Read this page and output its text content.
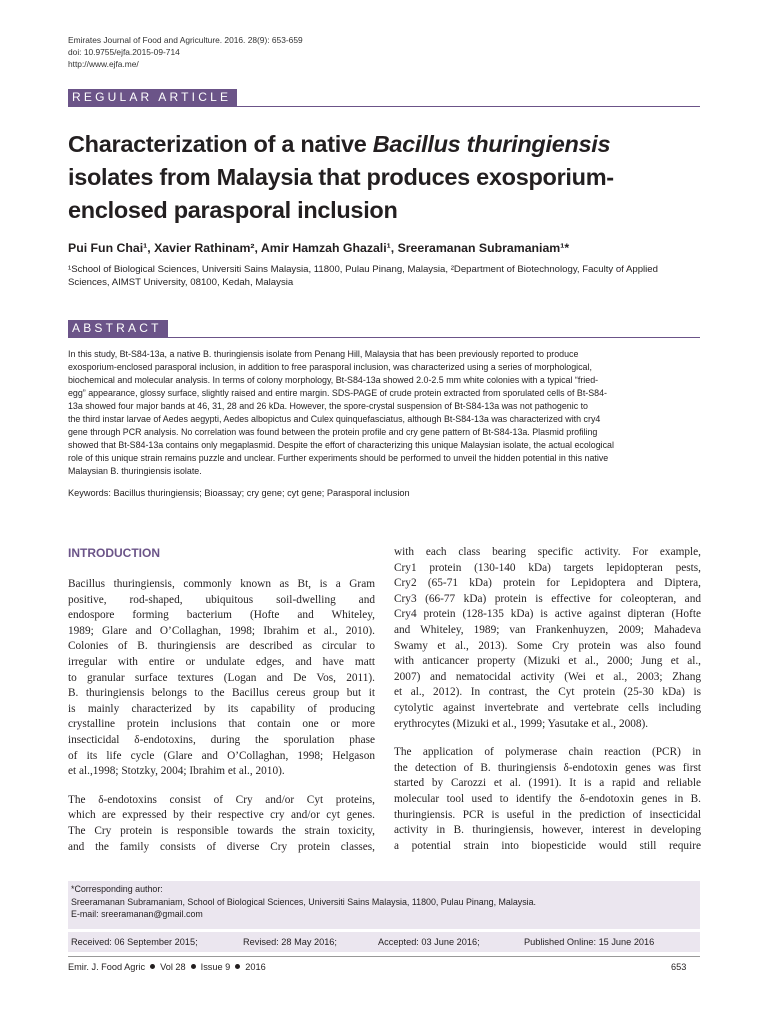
Emirates Journal of Food and Agriculture. 2016. 28(9): 653-659
doi: 10.9755/ejfa.2015-09-714
http://www.ejfa.me/
REGULAR ARTICLE
Characterization of a native Bacillus thuringiensis
isolates from Malaysia that produces exosporium-
enclosed parasporal inclusion
Pui Fun Chai¹, Xavier Rathinam², Amir Hamzah Ghazali¹, Sreeramanan Subramaniam¹*
¹School of Biological Sciences, Universiti Sains Malaysia, 11800, Pulau Pinang, Malaysia, ²Department of Biotechnology, Faculty of Applied
Sciences, AIMST University, 08100, Kedah, Malaysia
ABSTRACT
In this study, Bt-S84-13a, a native B. thuringiensis isolate from Penang Hill, Malaysia that has been previously reported to produce
exosporium-enclosed parasporal inclusion, in addition to free parasporal inclusion, was characterized using a series of morphological,
biochemical and molecular analysis. In terms of colony morphology, Bt-S84-13a showed 2.0-2.5 mm white colonies with a typical “fried-
egg” appearance, glossy surface, slightly raised and entire margin. SDS-PAGE of crude protein extracted from sporulated cells of Bt-S84-
13a showed four major bands at 46, 31, 28 and 26 kDa. However, the spore-crystal suspension of Bt-S84-13a was not pathogenic to
the third instar larvae of Aedes aegypti, Aedes albopictus and Culex quinquefasciatus, although Bt-S84-13a was characterized with cry4
gene through PCR analysis. No correlation was found between the protein profile and cry gene pattern of Bt-S84-13a. Plasmid profiling
showed that Bt-S84-13a contains only megaplasmid. Despite the effort of characterizing this unique Malaysian isolate, the actual ecological
role of this unique strain remains puzzle and unclear. Further experiments should be performed to unveil the hidden potential in this native
Malaysian B. thuringiensis isolate.
Keywords: Bacillus thuringiensis; Bioassay; cry gene; cyt gene; Parasporal inclusion
INTRODUCTION
Bacillus thuringiensis, commonly known as Bt, is a Gram
positive, rod-shaped, ubiquitous soil-dwelling and
endospore forming bacterium (Hofte and Whiteley,
1989; Glare and O’Collaghan, 1998; Ibrahim et al., 2010).
Colonies of B. thuringiensis are described as circular to
irregular with entire or undulate edges, and have matt
to granular surface textures (Logan and De Vos, 2011).
B. thuringiensis belongs to the Bacillus cereus group but it
is mainly characterized by its capability of producing
crystalline protein inclusions that contain one or more
insecticidal δ-endotoxins, during the sporulation phase
of its life cycle (Glare and O’Collaghan, 1998; Helgason
et al.,1998; Stotzky, 2004; Ibrahim et al., 2010).
The δ-endotoxins consist of Cry and/or Cyt proteins,
which are expressed by their respective cry and/or cyt genes.
The Cry protein is responsible towards the strain toxicity,
and the family consists of diverse Cry protein classes,
with each class bearing specific activity. For example,
Cry1 protein (130-140 kDa) targets lepidopteran pests,
Cry2 (65-71 kDa) protein for Lepidoptera and Diptera,
Cry3 (66-77 kDa) protein is effective for coleopteran, and
Cry4 protein (128-135 kDa) is active against dipteran (Hofte
and Whiteley, 1989; van Frankenhuyzen, 2009; Mahadeva
Swamy et al., 2013). Some Cry protein was also found
with anticancer property (Mizuki et al., 2000; Jung et al.,
2007) and nematocidal activity (Wei et al., 2003; Zhang
et al., 2012). In contrast, the Cyt protein (25-30 kDa) is
cytolytic against invertebrate and vertebrate cells including
erythrocytes (Mizuki et al., 1999; Yasutake et al., 2008).
The application of polymerase chain reaction (PCR) in
the detection of B. thuringiensis δ-endotoxin genes was first
started by Carozzi et al. (1991). It is a rapid and reliable
molecular tool used to identify the δ-endotoxin genes in B.
thuringiensis. PCR is useful in the prediction of insecticidal
activity in B. thuringiensis, however, interest in developing
a potential strain into biopesticide would still require
*Corresponding author:
Sreeramanan Subramaniam, School of Biological Sciences, Universiti Sains Malaysia, 11800, Pulau Pinang, Malaysia.
E-mail: sreeramanan@gmail.com
Received: 06 September 2015;	Revised: 28 May 2016;	Accepted: 03 June 2016;	Published Online: 15 June 2016
Emir. J. Food Agric Vol 28 Issue 9 2016	653
